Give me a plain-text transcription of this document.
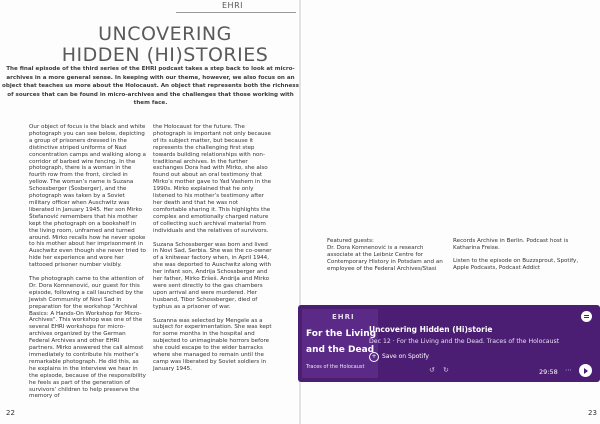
EHRI
UNCOVERING
HIDDEN (HI)STORIES
The final episode of the third series of the EHRI podcast takes a step back to look at micro-archives in a more general sense. In keeping with our theme, however, we also focus on an object that teaches us more about the Holocaust. An object that represents both the richness of sources that can be found in micro-archives and the challenges that those working with them face.

Our object of focus is the black and white photograph you can see below, depicting a group of prisoners dressed in the distinctive striped uniforms of Nazi concentration camps and walking along a corridor of barbed wire fencing. In the photograph, there is a woman in the fourth row from the front, circled in yellow. The woman’s name is Suzana Schossberger (Šosberger), and the photograph was taken by a Soviet military officer when Auschwitz was liberated in January 1945. Her son Mirko Štefanović remembers that his mother kept the photograph on a bookshelf in the living room, unframed and turned around. Mirko recalls how he never spoke to his mother about her imprisonment in Auschwitz even though she never tried to hide her experience and wore her tattooed prisoner number visibly.

The photograph came to the attention of Dr. Dora Komnenović, our guest for this episode, following a call launched by the Jewish Community of Novi Sad in preparation for the workshop "Archival Basics: A Hands-On Workshop for Micro-Archives". This workshop was one of the several EHRI workshops for micro-archives organized by the German Federal Archives and other EHRI partners. Mirko answered the call almost immediately to contribute his mother’s remarkable photograph. He did this, as he explains in the interview we hear in the episode, because of the responsibility he feels as part of the generation of survivors’ children to help preserve the memory of

the Holocaust for the future. The photograph is important not only because of its subject matter, but because it represents the challenging first step towards building relationships with non-traditional archives. In the further exchanges Dora had with Mirko, she also found out about an oral testimony that Mirko’s mother gave to Yad Vashem in the 1990s. Mirko explained that he only listened to his mother’s testimony after her death and that he was not comfortable sharing it. This highlights the complex and emotionally charged nature of collecting such archival material from individuals and the relatives of survivors.

Suzana Schossberger was born and lived in Novi Sad, Serbia. She was the co-owner of a knitwear factory when, in April 1944, she was deported to Auschwitz along with her infant son, Andrija Schossberger and her father, Mirko Eršeš. Andrija and Mirko were sent directly to the gas chambers upon arrival and were murdered. Her husband, Tibor Schossberger, died of typhus as a prisoner of war.

Suzanna was selected by Mengele as a subject for experimentation. She was kept for some months in the hospital and subjected to unimaginable horrors before she could escape to the wider barracks where she managed to remain until the camp was liberated by Soviet soldiers in January 1945.

22

Featured guests:

Dr. Dora Komnenović is a research associate at the Leibniz Centre for Contemporary History in Potsdam and an employee of the Federal Archives/Stasi

Records Archive in Berlin. Podcast host is Katharina Freise.

Listen to the episode on Buzzsprout, Spotify, Apple Podcasts, Podcast Addict

EHRI
For the Living
and the Dead
Traces of the Holocaust
Uncovering Hidden (Hi)storie
Dec 12 · For the Living and the Dead. Traces of the Holocaust
+ Save on Spotify
↺ ↻	29:58 ⋯
23
